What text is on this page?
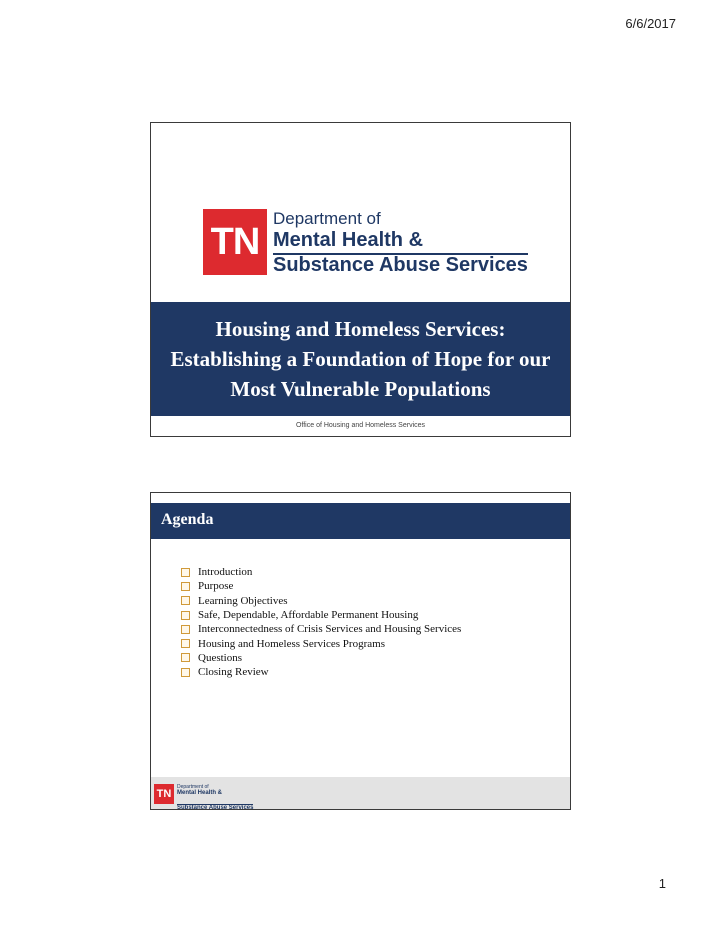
6/6/2017
TN
Department of
Mental Health &
Substance Abuse Services
Housing and Homeless Services: Establishing a Foundation of Hope for our Most Vulnerable Populations
Office of Housing and Homeless Services
Agenda
Introduction
Purpose
Learning Objectives
Safe, Dependable, Affordable Permanent Housing
Interconnectedness of Crisis Services and Housing Services
Housing and Homeless Services Programs
Questions
Closing Review
TN
Department of
Mental Health &
Substance Abuse Services
1
